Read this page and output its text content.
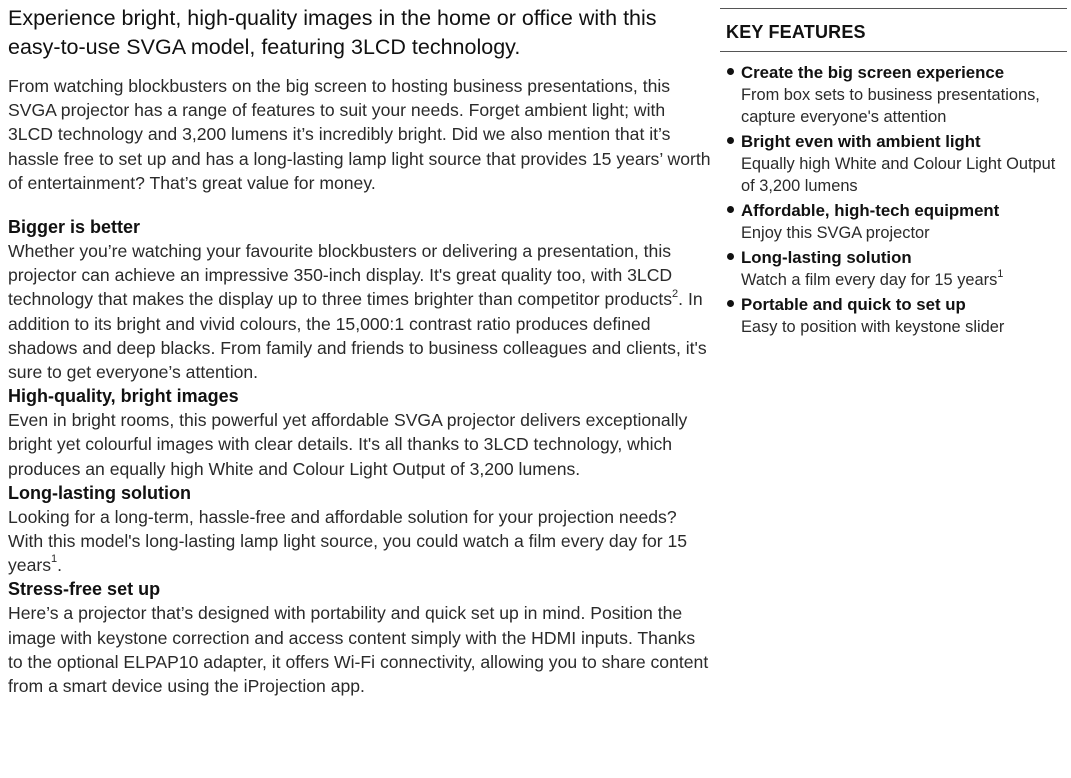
Experience bright, high-quality images in the home or office with this easy-to-use SVGA model, featuring 3LCD technology.

From watching blockbusters on the big screen to hosting business presentations, this SVGA projector has a range of features to suit your needs. Forget ambient light; with 3LCD technology and 3,200 lumens it’s incredibly bright. Did we also mention that it’s hassle free to set up and has a long-lasting lamp light source that provides 15 years’ worth of entertainment? That’s great value for money.

Bigger is better

Whether you’re watching your favourite blockbusters or delivering a presentation, this projector can achieve an impressive 350-inch display. It's great quality too, with 3LCD technology that makes the display up to three times brighter than competitor products$^2$. In addition to its bright and vivid colours, the 15,000:1 contrast ratio produces defined shadows and deep blacks. From family and friends to business colleagues and clients, it's sure to get everyone’s attention.

High-quality, bright images

Even in bright rooms, this powerful yet affordable SVGA projector delivers exceptionally bright yet colourful images with clear details. It's all thanks to 3LCD technology, which produces an equally high White and Colour Light Output of 3,200 lumens.

Long-lasting solution

Looking for a long-term, hassle-free and affordable solution for your projection needs? With this model's long-lasting lamp light source, you could watch a film every day for 15 years$^1$.

Stress-free set up

Here’s a projector that’s designed with portability and quick set up in mind. Position the image with keystone correction and access content simply with the HDMI inputs. Thanks to the optional ELPAP10 adapter, it offers Wi-Fi connectivity, allowing you to share content from a smart device using the iProjection app.

KEY FEATURES
Create the big screen experience
From box sets to business presentations, capture everyone's attention
Bright even with ambient light
Equally high White and Colour Light Output of 3,200 lumens
Affordable, high-tech equipment
Enjoy this SVGA projector
Long-lasting solution
Watch a film every day for 15 years$^1$
Portable and quick to set up
Easy to position with keystone slider
